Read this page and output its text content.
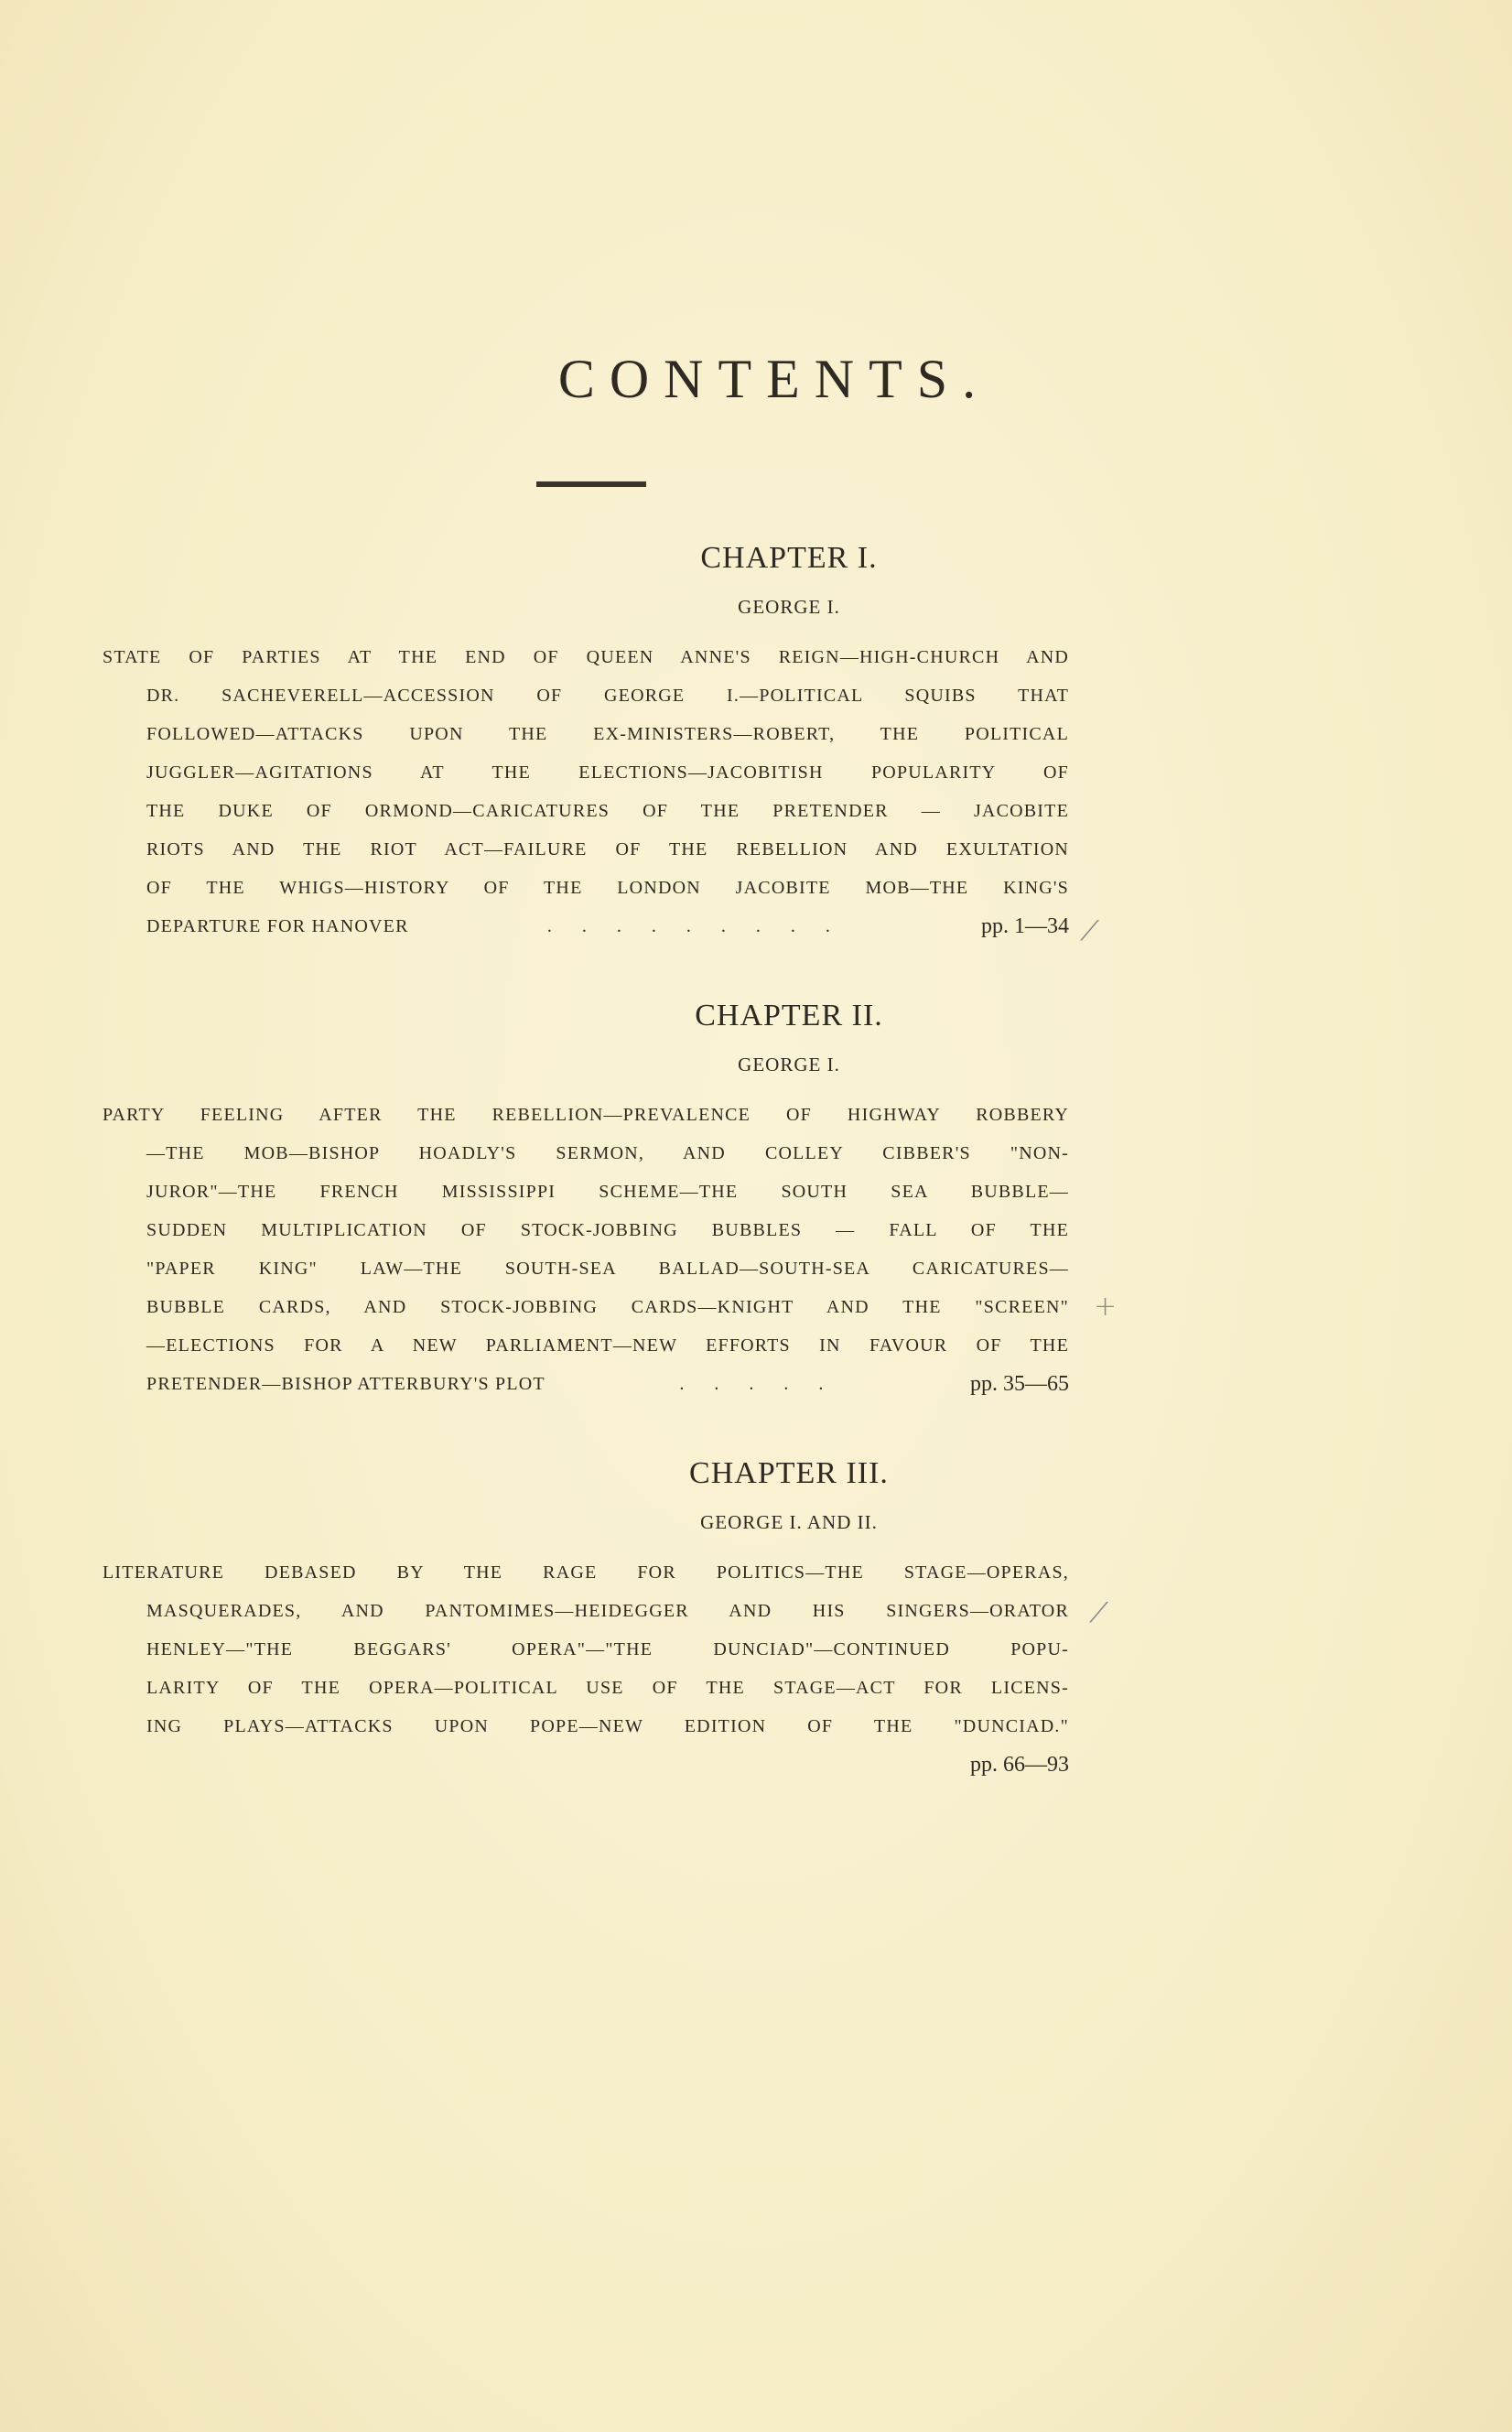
CONTENTS.
CHAPTER I.
GEORGE I.
STATE OF PARTIES AT THE END OF QUEEN ANNE'S REIGN—HIGH-CHURCH AND
DR. SACHEVERELL—ACCESSION OF GEORGE I.—POLITICAL SQUIBS THAT
FOLLOWED—ATTACKS UPON THE EX-MINISTERS—ROBERT, THE POLITICAL
JUGGLER—AGITATIONS AT THE ELECTIONS—JACOBITISH POPULARITY OF
THE DUKE OF ORMOND—CARICATURES OF THE PRETENDER — JACOBITE
RIOTS AND THE RIOT ACT—FAILURE OF THE REBELLION AND EXULTATION
OF THE WHIGS—HISTORY OF THE LONDON JACOBITE MOB—THE KING'S
DEPARTURE FOR HANOVER	. . . . . . . . .	pp. 1—34
CHAPTER II.
GEORGE I.
PARTY FEELING AFTER THE REBELLION—PREVALENCE OF HIGHWAY ROBBERY
—THE MOB—BISHOP HOADLY'S SERMON, AND COLLEY CIBBER'S "NON-
JUROR"—THE FRENCH MISSISSIPPI SCHEME—THE SOUTH SEA BUBBLE—
SUDDEN MULTIPLICATION OF STOCK-JOBBING BUBBLES — FALL OF THE
"PAPER KING" LAW—THE SOUTH-SEA BALLAD—SOUTH-SEA CARICATURES—
BUBBLE CARDS, AND STOCK-JOBBING CARDS—KNIGHT AND THE "SCREEN"
—ELECTIONS FOR A NEW PARLIAMENT—NEW EFFORTS IN FAVOUR OF THE
PRETENDER—BISHOP ATTERBURY'S PLOT	. . . . .	pp. 35—65
CHAPTER III.
GEORGE I. AND II.
LITERATURE DEBASED BY THE RAGE FOR POLITICS—THE STAGE—OPERAS,
MASQUERADES, AND PANTOMIMES—HEIDEGGER AND HIS SINGERS—ORATOR
HENLEY—"THE BEGGARS' OPERA"—"THE DUNCIAD"—CONTINUED POPU-
LARITY OF THE OPERA—POLITICAL USE OF THE STAGE—ACT FOR LICENS-
ING PLAYS—ATTACKS UPON POPE—NEW EDITION OF THE "DUNCIAD."
pp. 66—93
⟋
+
⟋
